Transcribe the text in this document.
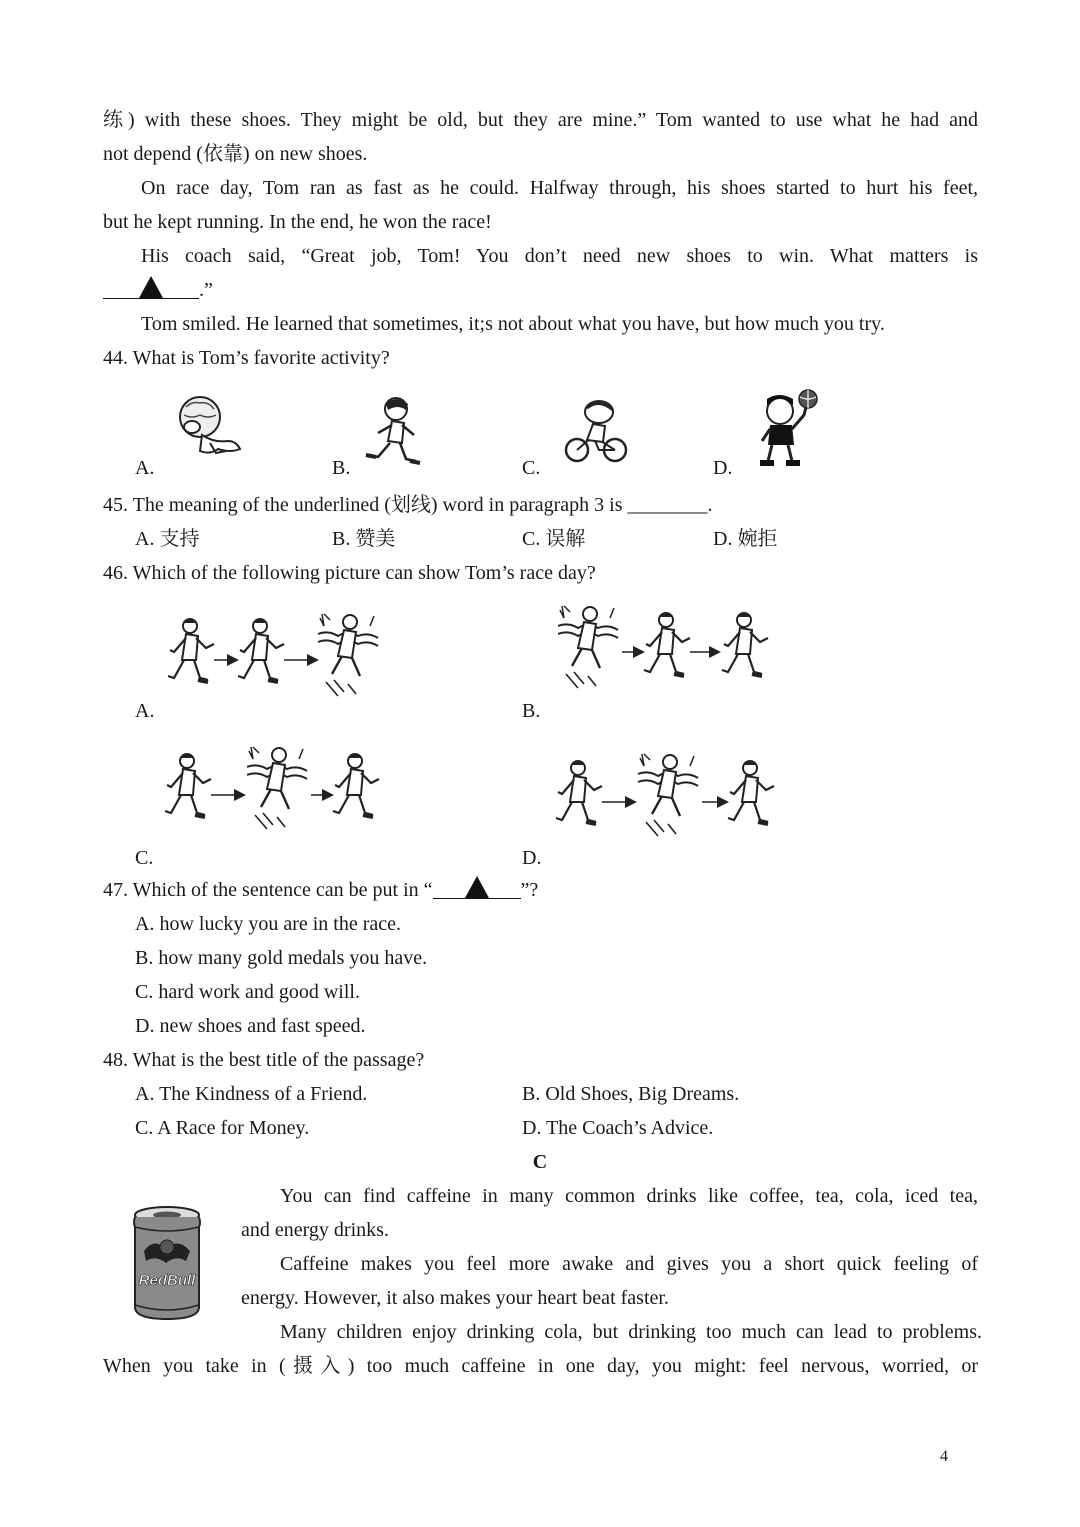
练) with these shoes. They might be old, but they are mine.” Tom wanted to use what he had and
not depend (依靠) on new shoes.
On race day, Tom ran as fast as he could. Halfway through, his shoes started to hurt his feet,
but he kept running. In the end, he won the race!
His coach said, “Great job, Tom! You don’t need new shoes to win. What matters is
.”
Tom smiled. He learned that sometimes, it;s not about what you have, but how much you try.
44. What is Tom’s favorite activity?
A.	B.	C.	D.
45. The meaning of the underlined (划线) word in paragraph 3 is ________.
A. 支持	B. 赞美	C. 误解	D. 婉拒
46. Which of the following picture can show Tom’s race day?
A.	B.
C.	D.
47. Which of the sentence can be put in “	”?
A. how lucky you are in the race.
B. how many gold medals you have.
C. hard work and good will.
D. new shoes and fast speed.
48. What is the best title of the passage?
A. The Kindness of a Friend.	B. Old Shoes, Big Dreams.
C. A Race for Money.	D. The Coach’s Advice.
C
RedBull
You can find caffeine in many common drinks like coffee, tea, cola, iced tea,
and energy drinks.
Caffeine makes you feel more awake and gives you a short quick feeling of
energy. However, it also makes your heart beat faster.
Many children enjoy drinking cola, but drinking too much can lead to problems.
When you take in (摄入) too much caffeine in one day, you might: feel nervous, worried, or
4
